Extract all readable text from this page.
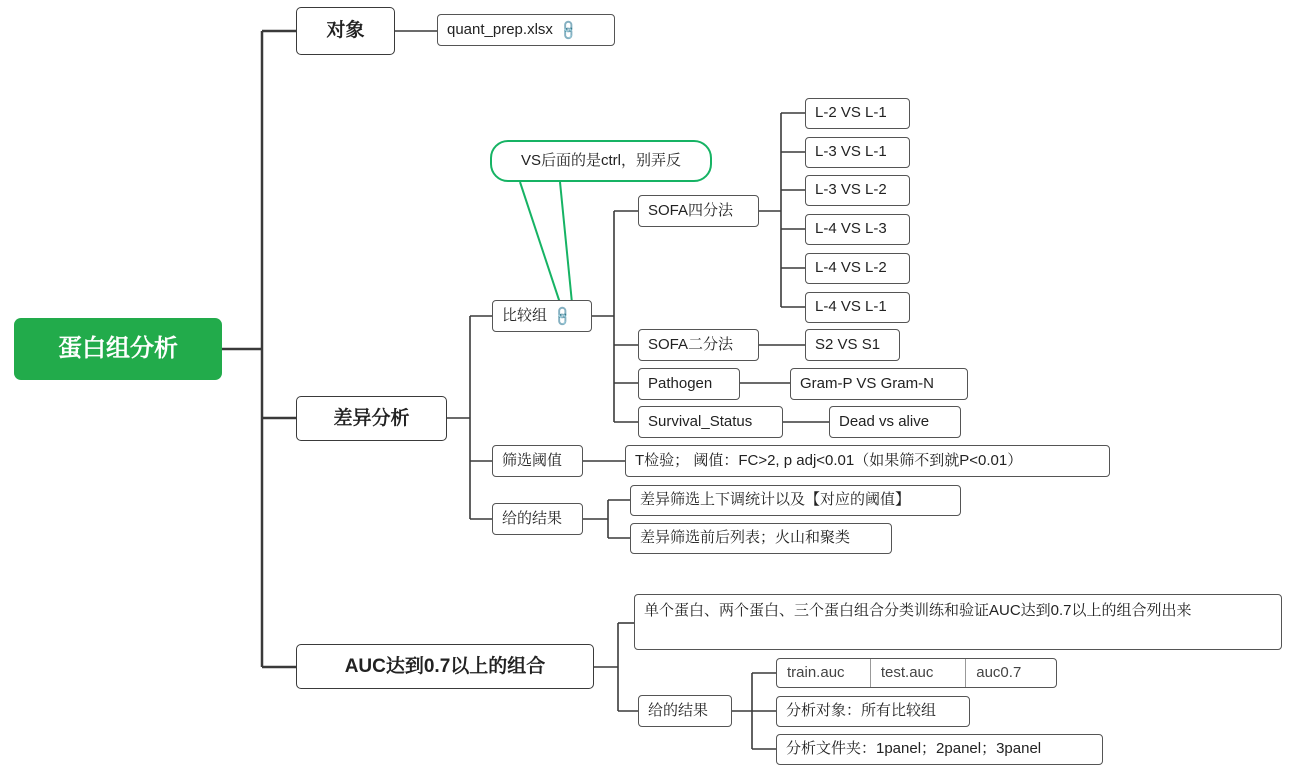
蛋白组分析
对象	quant_prep.xlsx 🔗
差异分析
VS后面的是ctrl，别弄反
比较组 🔗
筛选阈值
给的结果
SOFA四分法
SOFA二分法
Pathogen
Survival_Status
L-2 VS L-1
L-3 VS L-1
L-3 VS L-2
L-4 VS L-3
L-4 VS L-2
L-4 VS L-1
S2 VS S1
Gram-P VS Gram-N
Dead vs alive
T检验； 阈值：FC>2, p adj<0.01（如果筛不到就P<0.01）
差异筛选上下调统计以及【对应的阈值】
差异筛选前后列表；火山和聚类
AUC达到0.7以上的组合
单个蛋白、两个蛋白、三个蛋白组合分类训练和验证AUC达到0.7以上的组合列出来
给的结果
train.auc	test.auc	auc0.7
分析对象：所有比较组
分析文件夹：1panel；2panel；3panel
